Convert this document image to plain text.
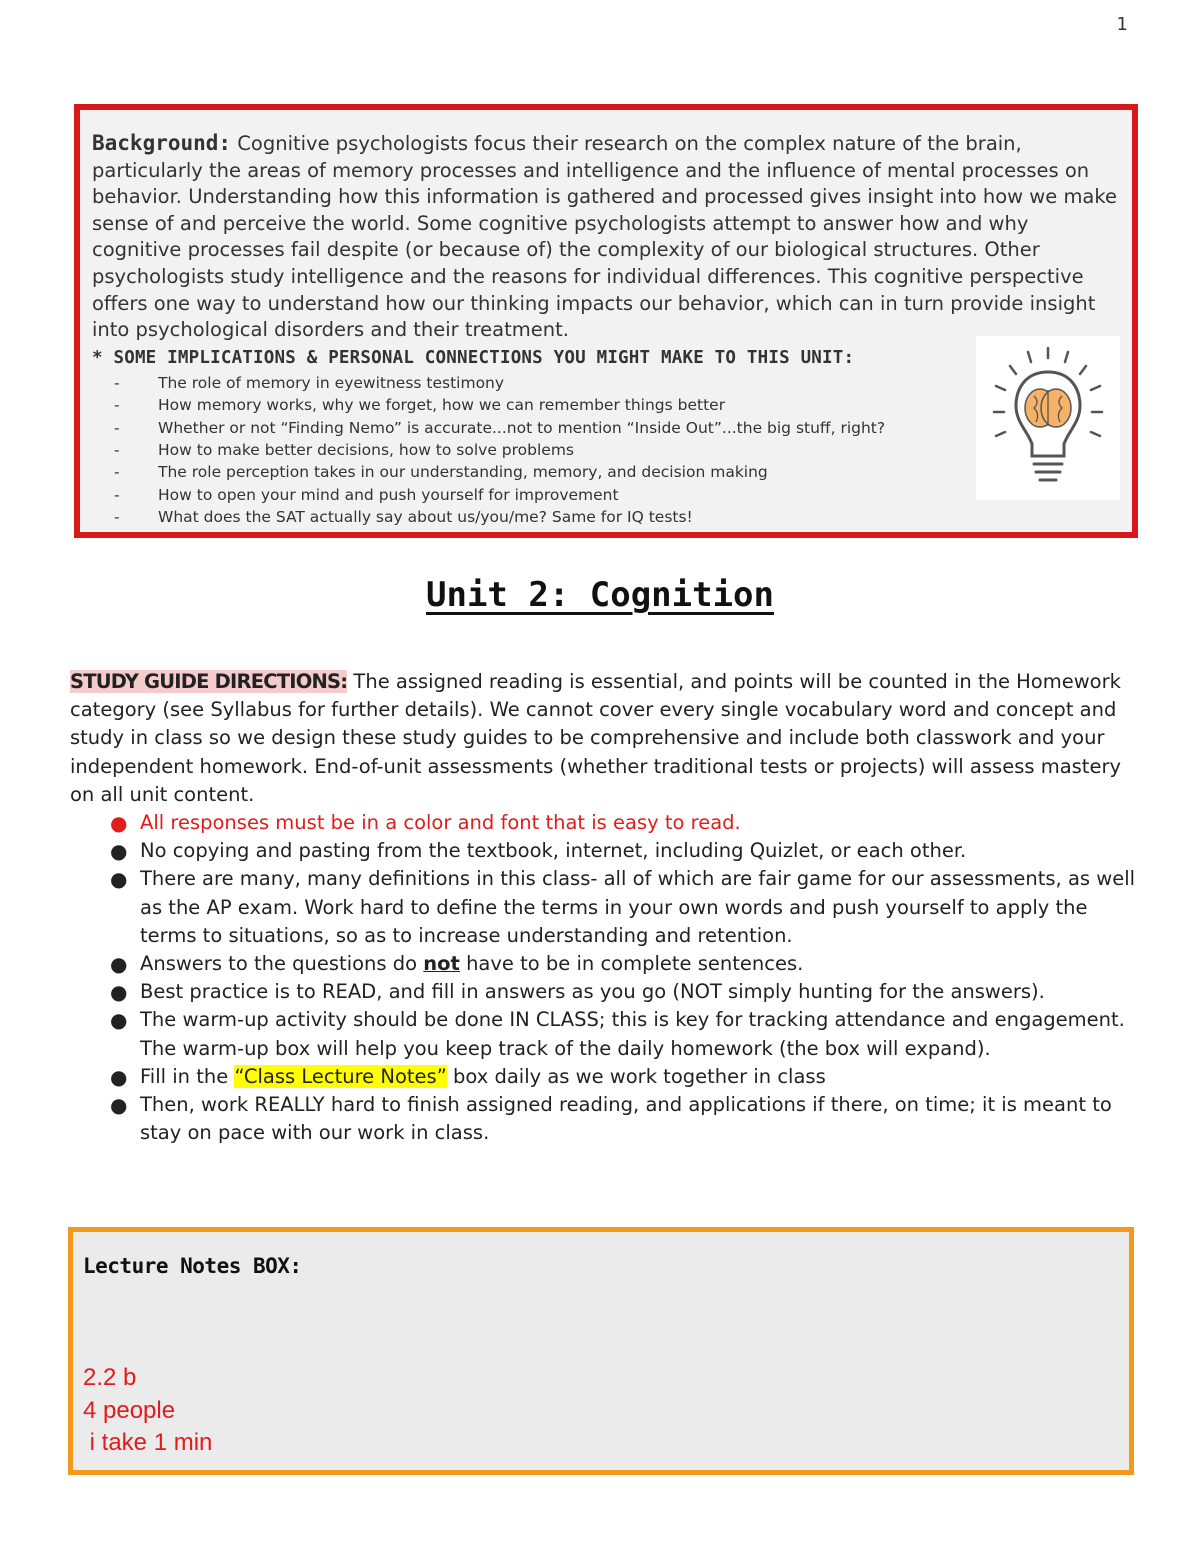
1

Background: Cognitive psychologists focus their research on the complex nature of the brain, particularly the areas of memory processes and intelligence and the influence of mental processes on behavior. Understanding how this information is gathered and processed gives insight into how we make sense of and perceive the world. Some cognitive psychologists attempt to answer how and why cognitive processes fail despite (or because of) the complexity of our biological structures. Other psychologists study intelligence and the reasons for individual differences. This cognitive perspective offers one way to understand how our thinking impacts our behavior, which can in turn provide insight into psychological disorders and their treatment.

* SOME IMPLICATIONS & PERSONAL CONNECTIONS YOU MIGHT MAKE TO THIS UNIT:
- The role of memory in eyewitness testimony
- How memory works, why we forget, how we can remember things better
- Whether or not “Finding Nemo” is accurate...not to mention “Inside Out”...the big stuff, right?
- How to make better decisions, how to solve problems
- The role perception takes in our understanding, memory, and decision making
- How to open your mind and push yourself for improvement
- What does the SAT actually say about us/you/me? Same for IQ tests!
Unit 2: Cognition

STUDY GUIDE DIRECTIONS: The assigned reading is essential, and points will be counted in the Homework category (see Syllabus for further details). We cannot cover every single vocabulary word and concept and study in class so we design these study guides to be comprehensive and include both classwork and your independent homework. End-of-unit assessments (whether traditional tests or projects) will assess mastery on all unit content.

● All responses must be in a color and font that is easy to read.
● No copying and pasting from the textbook, internet, including Quizlet, or each other.
● There are many, many definitions in this class- all of which are fair game for our assessments, as well as the AP exam. Work hard to define the terms in your own words and push yourself to apply the terms to situations, so as to increase understanding and retention.
● Answers to the questions do not have to be in complete sentences.
● Best practice is to READ, and fill in answers as you go (NOT simply hunting for the answers).
● The warm-up activity should be done IN CLASS; this is key for tracking attendance and engagement. The warm-up box will help you keep track of the daily homework (the box will expand).
● Fill in the “Class Lecture Notes” box daily as we work together in class
● Then, work REALLY hard to finish assigned reading, and applications if there, on time; it is meant to stay on pace with our work in class.
Lecture Notes BOX:
2.2 b
4 people
i take 1 min
